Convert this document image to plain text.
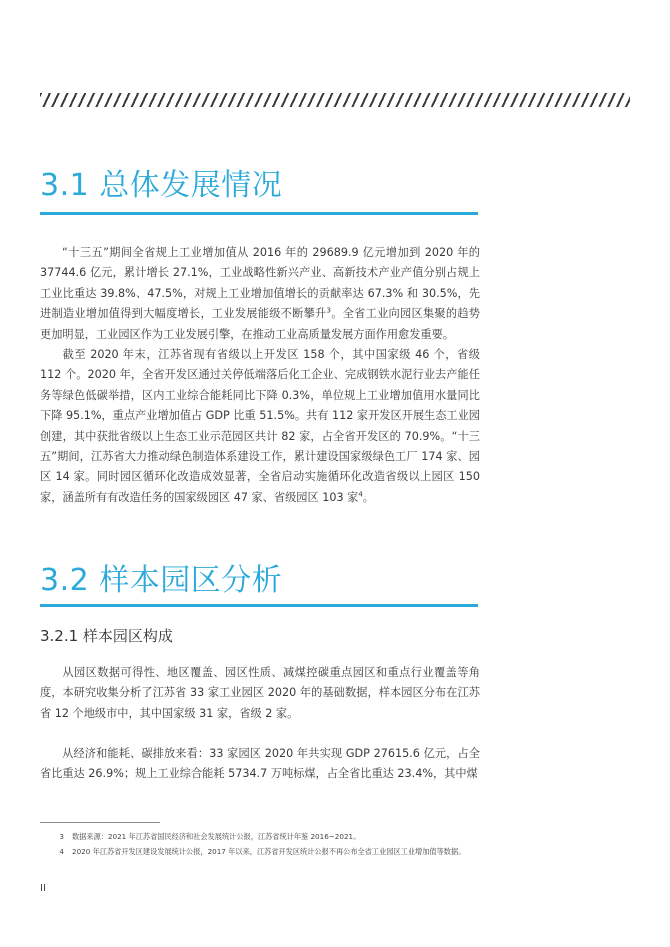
3.1 总体发展情况

“十三五”期间全省规上工业增加值从 2016 年的 29689.9 亿元增加到 2020 年的 37744.6 亿元，累计增长 27.1%，工业战略性新兴产业、高新技术产业产值分别占规上工业比重达 39.8%、47.5%，对规上工业增加值增长的贡献率达 67.3% 和 30.5%，先进制造业增加值得到大幅度增长，工业发展能级不断攀升$^3$。全省工业向园区集聚的趋势更加明显，工业园区作为工业发展引擎，在推动工业高质量发展方面作用愈发重要。

截至 2020 年末，江苏省现有省级以上开发区 158 个，其中国家级 46 个，省级 112 个。2020 年，全省开发区通过关停低端落后化工企业、完成钢铁水泥行业去产能任务等绿色低碳举措，区内工业综合能耗同比下降 0.3%，单位规上工业增加值用水量同比下降 95.1%，重点产业增加值占 GDP 比重 51.5%。共有 112 家开发区开展生态工业园创建，其中获批省级以上生态工业示范园区共计 82 家，占全省开发区的 70.9%。“十三五”期间，江苏省大力推动绿色制造体系建设工作，累计建设国家级绿色工厂 174 家、园区 14 家。同时园区循环化改造成效显著，全省启动实施循环化改造省级以上园区 150 家，涵盖所有有改造任务的国家级园区 47 家、省级园区 103 家$^4$。

3.2 样本园区分析
3.2.1 样本园区构成

从园区数据可得性、地区覆盖、园区性质、减煤控碳重点园区和重点行业覆盖等角度，本研究收集分析了江苏省 33 家工业园区 2020 年的基础数据，样本园区分布在江苏省 12 个地级市中，其中国家级 31 家，省级 2 家。

从经济和能耗、碳排放来看：33 家园区 2020 年共实现 GDP 27615.6 亿元，占全省比重达 26.9%；规上工业综合能耗 5734.7 万吨标煤，占全省比重达 23.4%，其中煤

3 数据来源：2021 年江苏省国民经济和社会发展统计公报，江苏省统计年鉴 2016~2021。

4 2020 年江苏省开发区建设发展统计公报，2017 年以来，江苏省开发区统计公报不再公布全省工业园区工业增加值等数据。

II
